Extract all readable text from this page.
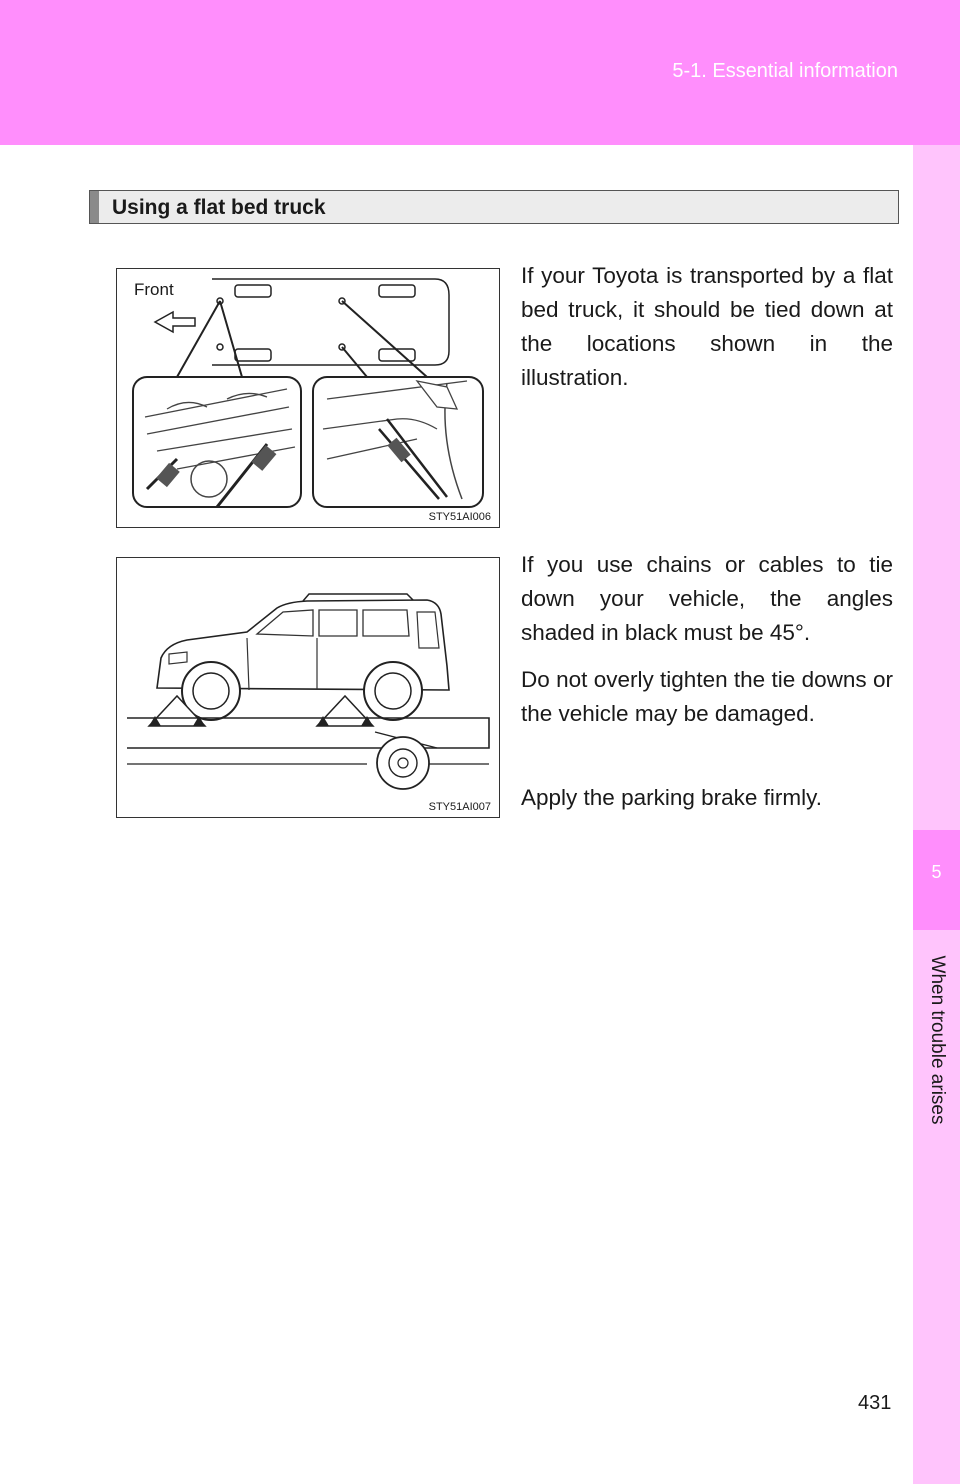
5-1. Essential information
5
When trouble arises
Using a flat bed truck
Front
STY51AI006
STY51AI007
If your Toyota is transported by a flat bed truck, it should be tied down at the locations shown in the illustration.
If you use chains or cables to tie down your vehicle, the angles shaded in black must be 45°.
Do not overly tighten the tie downs or the vehicle may be damaged.
Apply the parking brake firmly.
431
